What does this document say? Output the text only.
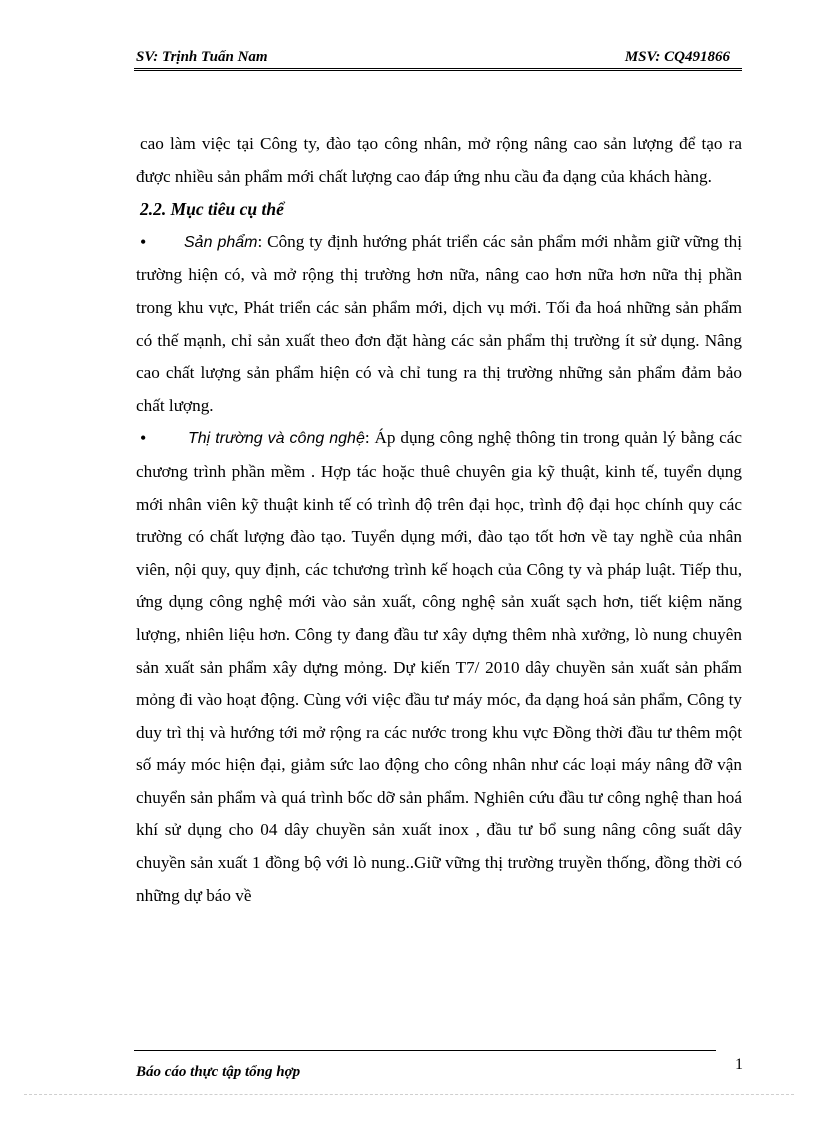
SV: Trịnh Tuấn Nam	MSV: CQ491866

cao làm việc tại Công ty, đào tạo công nhân, mở rộng nâng cao sản lượng để tạo ra được nhiều sản phẩm mới chất lượng cao đáp ứng nhu cầu đa dạng của khách hàng.

2.2. Mục tiêu cụ thể

• Sản phẩm: Công ty định hướng phát triển các sản phẩm mới nhằm giữ vững thị trường hiện có, và mở rộng thị trường hơn nữa, nâng cao hơn nữa hơn nữa thị phần trong khu vực, Phát triển các sản phẩm mới, dịch vụ mới. Tối đa hoá những sản phẩm có thế mạnh, chỉ sản xuất theo đơn đặt hàng các sản phẩm thị trường ít sử dụng. Nâng cao chất lượng sản phẩm hiện có và chỉ tung ra thị trường những sản phẩm đảm bảo chất lượng.

•	Thị trường và công nghệ: Áp dụng công nghệ thông tin trong quản lý bằng các chương trình phần mềm . Hợp tác hoặc thuê chuyên gia kỹ thuật, kinh tế, tuyển dụng mới nhân viên kỹ thuật kinh tế có trình độ trên đại học, trình độ đại học chính quy các trường có chất lượng đào tạo. Tuyển dụng mới, đào tạo tốt hơn về tay nghề của nhân viên, nội quy, quy định, các tchương trình kế hoạch của Công ty và pháp luật. Tiếp thu, ứng dụng công nghệ mới vào sản xuất, công nghệ sản xuất sạch hơn, tiết kiệm năng lượng, nhiên liệu hơn. Công ty đang đầu tư xây dựng thêm nhà xưởng, lò nung chuyên sản xuất sản phẩm xây dựng mỏng. Dự kiến T7/ 2010 dây chuyền sản xuất sản phẩm mỏng đi vào hoạt động. Cùng với việc đầu tư máy móc, đa dạng hoá sản phẩm, Công ty duy trì thị và hướng tới mở rộng ra các nước trong khu vực Đồng thời đầu tư thêm một số máy móc hiện đại, giảm sức lao động cho công nhân như các loại máy nâng đỡ vận chuyển sản phẩm và quá trình bốc dỡ sản phẩm. Nghiên cứu đầu tư công nghệ than hoá khí sử dụng cho 04 dây chuyền sản xuất inox , đầu tư bổ sung nâng công suất dây chuyền sản xuất 1 đồng bộ với lò nung..Giữ vững thị trường truyền thống, đồng thời có những dự báo về

Báo cáo thực tập tổng hợp	1
